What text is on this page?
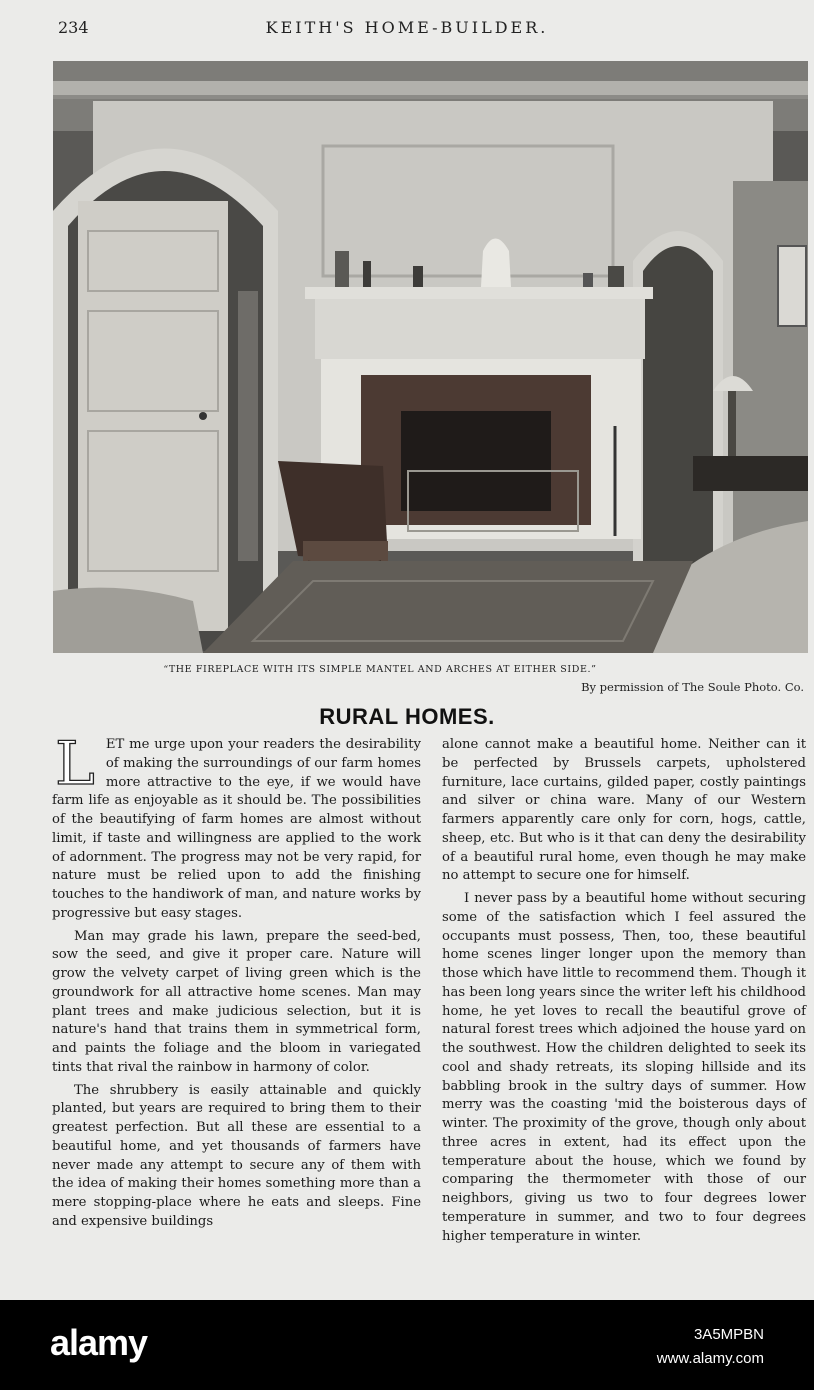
234	KEITH'S HOME-BUILDER.
“THE FIREPLACE WITH ITS SIMPLE MANTEL AND ARCHES AT EITHER SIDE.”
By permission of The Soule Photo. Co.
RURAL HOMES.

LET me urge upon your readers the desirability of making the surroundings of our farm homes more attractive to the eye, if we would have farm life as enjoyable as it should be. The possibilities of the beautifying of farm homes are almost without limit, if taste and willingness are applied to the work of adornment. The progress may not be very rapid, for nature must be relied upon to add the finishing touches to the handiwork of man, and nature works by progressive but easy stages.

Man may grade his lawn, prepare the seed-bed, sow the seed, and give it proper care. Nature will grow the velvety carpet of living green which is the groundwork for all attractive home scenes. Man may plant trees and make judicious selection, but it is nature's hand that trains them in symmetrical form, and paints the foliage and the bloom in variegated tints that rival the rainbow in harmony of color.

The shrubbery is easily attainable and quickly planted, but years are required to bring them to their greatest perfection. But all these are essential to a beautiful home, and yet thousands of farmers have never made any attempt to secure any of them with the idea of making their homes something more than a mere stopping-place where he eats and sleeps. Fine and expensive buildings

alone cannot make a beautiful home. Neither can it be perfected by Brussels carpets, upholstered furniture, lace curtains, gilded paper, costly paintings and silver or china ware. Many of our Western farmers apparently care only for corn, hogs, cattle, sheep, etc. But who is it that can deny the desirability of a beautiful rural home, even though he may make no attempt to secure one for himself.

I never pass by a beautiful home without securing some of the satisfaction which I feel assured the occupants must possess, Then, too, these beautiful home scenes linger longer upon the memory than those which have little to recommend them. Though it has been long years since the writer left his childhood home, he yet loves to recall the beautiful grove of natural forest trees which adjoined the house yard on the southwest. How the children delighted to seek its cool and shady retreats, its sloping hillside and its babbling brook in the sultry days of summer. How merry was the coasting 'mid the boisterous days of winter. The proximity of the grove, though only about three acres in extent, had its effect upon the temperature about the house, which we found by comparing the thermometer with those of our neighbors, giving us two to four degrees lower temperature in summer, and two to four degrees higher temperature in winter.

alamy	3A5MPBN
www.alamy.com
